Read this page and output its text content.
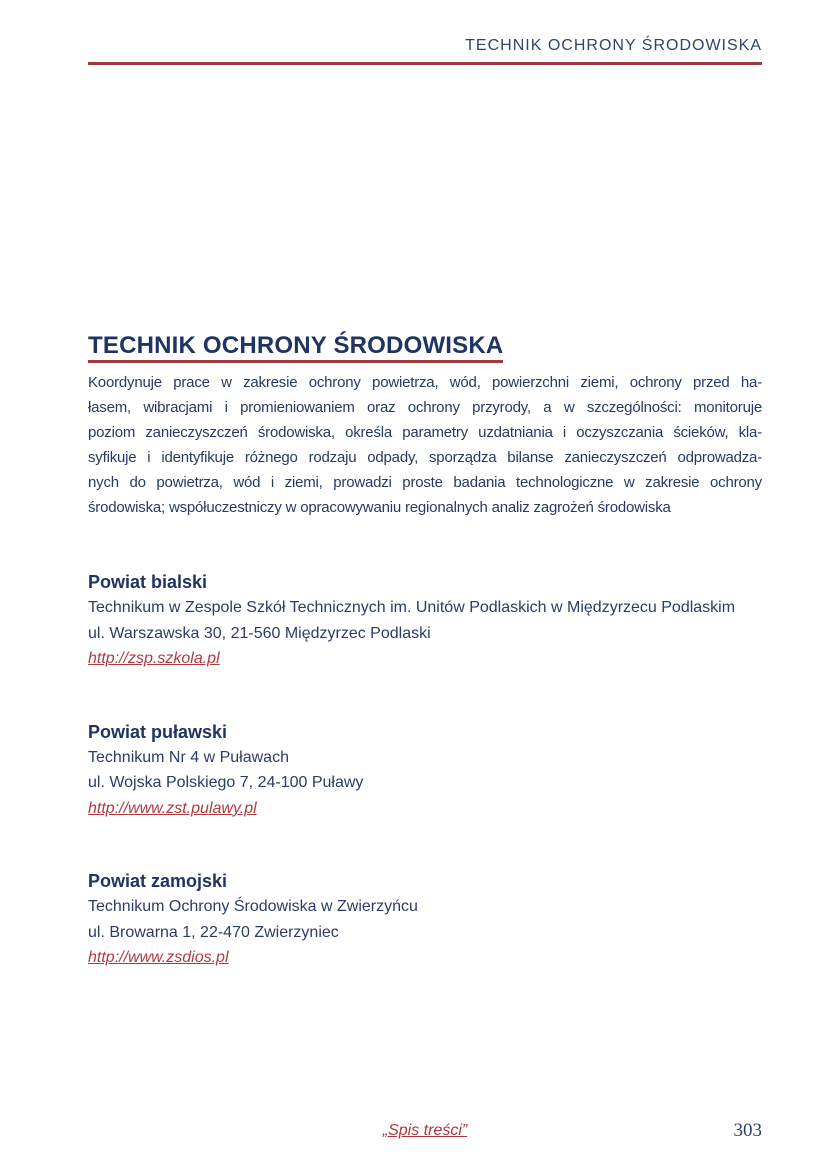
TECHNIK OCHRONY ŚRODOWISKA
TECHNIK OCHRONY ŚRODOWISKA
Koordynuje prace w zakresie ochrony powietrza, wód, powierzchni ziemi, ochrony przed ha-
łasem, wibracjami i promieniowaniem oraz ochrony przyrody, a w szczególności: monitoruje
poziom zanieczyszczeń środowiska, określa parametry uzdatniania i oczyszczania ścieków, kla-
syfikuje i identyfikuje różnego rodzaju odpady, sporządza bilanse zanieczyszczeń odprowadza-
nych do powietrza, wód i ziemi, prowadzi proste badania technologiczne w zakresie ochrony
środowiska; współuczestniczy w opracowywaniu regionalnych analiz zagrożeń środowiska
Powiat bialski
Technikum w Zespole Szkół Technicznych im. Unitów Podlaskich w Międzyrzecu Podlaskim
ul. Warszawska 30, 21-560 Międzyrzec Podlaski
http://zsp.szkola.pl
Powiat puławski
Technikum Nr 4 w Puławach
ul. Wojska Polskiego 7, 24-100 Puławy
http://www.zst.pulawy.pl
Powiat zamojski
Technikum Ochrony Środowiska w Zwierzyńcu
ul. Browarna 1, 22-470 Zwierzyniec
http://www.zsdios.pl
„Spis treści”	303
